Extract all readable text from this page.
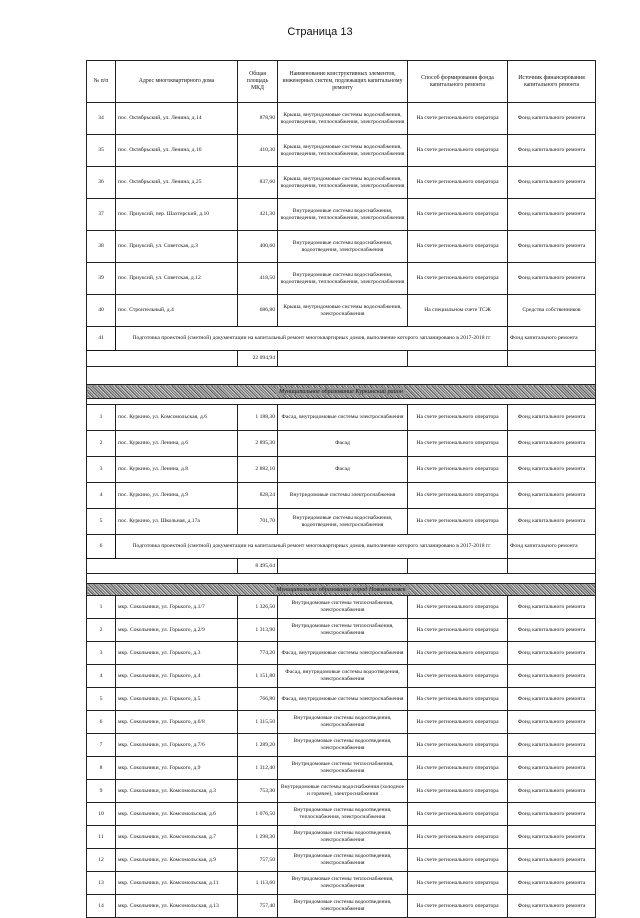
Страница 13
№ п/п	Адрес многоквартирного дома	Общая площадь МКД	Наименование конструктивных элементов, инженерных систем, подлежащих капитальному ремонту	Способ формирования фонда капитального ремонта	Источник финансирования капитального ремонта
34	пос. Октябрьский, ул. Ленина, д.14	878,90	Крыша, внутридомовые системы водоснабжения, водоотведения, теплоснабжения, электроснабжения	На счете регионального оператора	Фонд капитального ремонта
35	пос. Октябрьский, ул. Ленина, д.16	410,30	Крыша, внутридомовые системы водоснабжения, водоотведения, теплоснабжения, электроснабжения	На счете регионального оператора	Фонд капитального ремонта
36	пос. Октябрьский, ул. Ленина, д.25	837,60	Крыша, внутридомовые системы водоснабжения, водоотведения, теплоснабжения, электроснабжения	На счете регионального оператора	Фонд капитального ремонта
37	пос. Приуксий, пер. Шахтерский, д.10	421,30	Внутридомовые системы водоснабжения, водоотведения, теплоснабжения, электроснабжения	На счете регионального оператора	Фонд капитального ремонта
38	пос. Приуксий, ул. Советская, д.3	400,60	Внутридомовые системы водоснабжения, водоотведения, электроснабжения	На счете регионального оператора	Фонд капитального ремонта
39	пос. Приуксий, ул. Советская, д.12	418,50	Внутридомовые системы водоснабжения, водоотведения, теплоснабжения, электроснабжения	На счете регионального оператора	Фонд капитального ремонта
40	пос. Строительный, д.4	686,80	Крыша, внутридомовые системы водоснабжения, электроснабжения	На специальном счете ТСЖ	Средства собственников
41	Подготовка проектной (сметной) документации на капитальный ремонт многоквартирных домов, выполнение которого запланировано в 2017-2018 гг				Фонд капитального ремонта
		22 094,94			

Муниципальное образование Куркинский район					

1	пос. Куркино, ул. Комсомольская, д.6	1 188,30	Фасад, внутридомовые системы электроснабжения	На счете регионального оператора	Фонд капитального ремонта
2	пос. Куркино, ул. Ленина, д.6	2 895,30	Фасад	На счете регионального оператора	Фонд капитального ремонта
3	пос. Куркино, ул. Ленина, д.8	2 882,10	Фасад	На счете регионального оператора	Фонд капитального ремонта
4	пос. Куркино, ул. Ленина, д.9	828,24	Внутридомовые системы электроснабжения	На счете регионального оператора	Фонд капитального ремонта
5	пос. Куркино, ул. Школьная, д.17а	701,70	Внутридомовые системы водоснабжения, водоотведения, электроснабжения	На счете регионального оператора	Фонд капитального ремонта
6	Подготовка проектной (сметной) документации на капитальный ремонт многоквартирных домов, выполнение которого запланировано в 2017-2018 гг				Фонд капитального ремонта
		8 495,64			

Муниципальное образование город Новомосковск					
1	мкр. Сокольники, ул. Горького, д.1/7	1 326,50	Внутридомовые системы теплоснабжения, электроснабжения	На счете регионального оператора	Фонд капитального ремонта
2	мкр. Сокольники, ул. Горького, д.2/9	1 313,90	Внутридомовые системы теплоснабжения, электроснабжения	На счете регионального оператора	Фонд капитального ремонта
3	мкр. Сокольники, ул. Горького, д.3	774,20	Фасад, внутридомовые системы электроснабжения	На счете регионального оператора	Фонд капитального ремонта
4	мкр. Сокольники, ул. Горького, д.4	1 151,80	Фасад, внутридомовые системы водоотведения, электроснабжения	На счете регионального оператора	Фонд капитального ремонта
5	мкр. Сокольники, ул. Горького, д.5	766,80	Фасад, внутридомовые системы электроснабжения	На счете регионального оператора	Фонд капитального ремонта
6	мкр. Сокольники, ул. Горького, д.6/8	1 315,50	Внутридомовые системы водоотведения, электроснабжения	На счете регионального оператора	Фонд капитального ремонта
7	мкр. Сокольники, ул. Горького, д.7/6	1 289,20	Внутридомовые системы водоотведения, электроснабжения	На счете регионального оператора	Фонд капитального ремонта
8	мкр. Сокольники, ул. Горького, д.9	1 312,40	Внутридомовые системы теплоснабжения, электроснабжения	На счете регионального оператора	Фонд капитального ремонта
9	мкр. Сокольники, ул. Комсомольская, д.3	753,30	Внутридомовые системы водоснабжения (холодное и горячее), электроснабжения	На счете регионального оператора	Фонд капитального ремонта
10	мкр. Сокольники, ул. Комсомольская, д.6	1 076,50	Внутридомовые системы водоотведения, теплоснабжения, электроснабжения	На счете регионального оператора	Фонд капитального ремонта
11	мкр. Сокольники, ул. Комсомольская, д.7	1 298,30	Внутридомовые системы водоотведения, электроснабжения	На счете регионального оператора	Фонд капитального ремонта
12	мкр. Сокольники, ул. Комсомольская, д.9	757,50	Внутридомовые системы водоотведения, электроснабжения	На счете регионального оператора	Фонд капитального ремонта
13	мкр. Сокольники, ул. Комсомольская, д.11	1 113,60	Внутридомовые системы теплоснабжения, электроснабжения	На счете регионального оператора	Фонд капитального ремонта
14	мкр. Сокольники, ул. Комсомольская, д.13	757,40	Внутридомовые системы водоотведения, электроснабжения	На счете регионального оператора	Фонд капитального ремонта
